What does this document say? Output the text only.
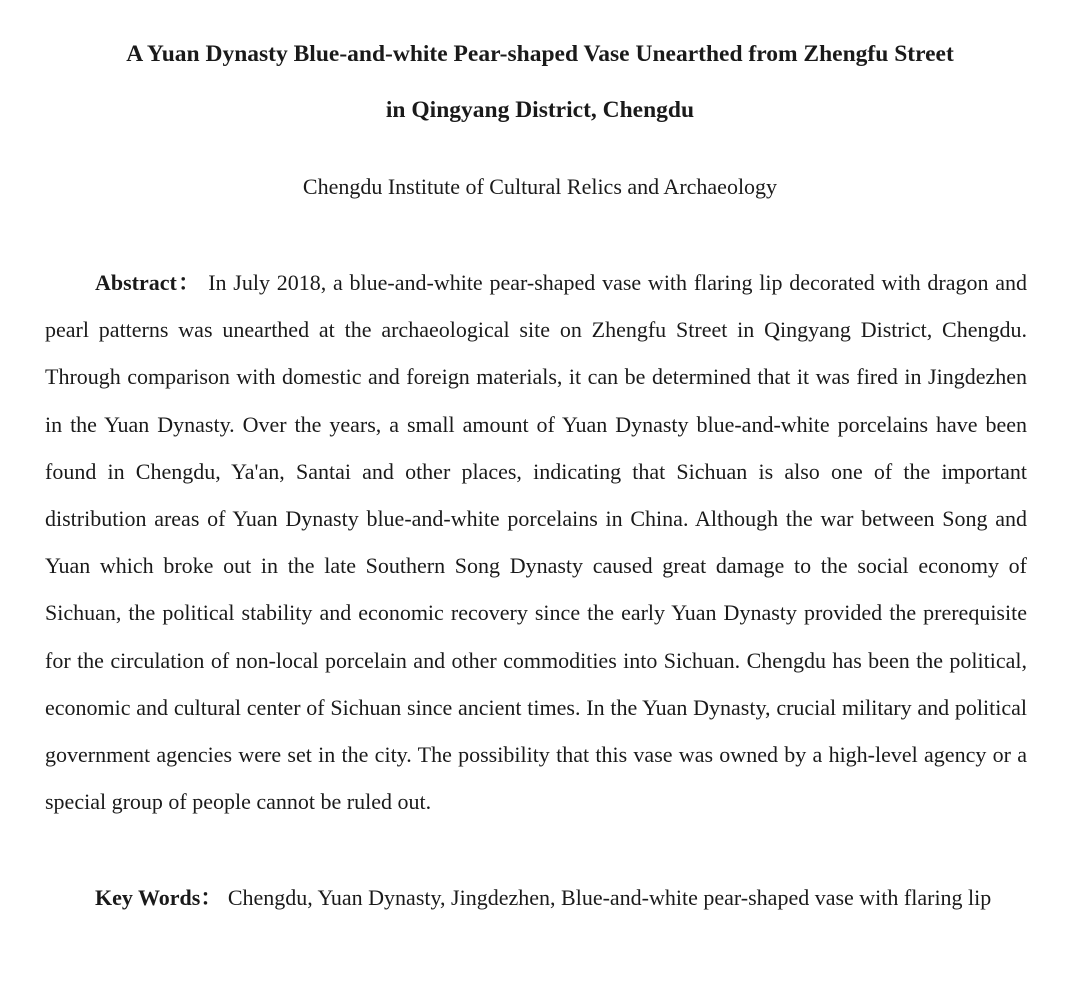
A Yuan Dynasty Blue-and-white Pear-shaped Vase Unearthed from Zhengfu Street
in Qingyang District, Chengdu

Chengdu Institute of Cultural Relics and Archaeology

Abstract： In July 2018, a blue-and-white pear-shaped vase with flaring lip decorated with dragon and pearl patterns was unearthed at the archaeological site on Zhengfu Street in Qingyang District, Chengdu. Through comparison with domestic and foreign materials, it can be determined that it was fired in Jingdezhen in the Yuan Dynasty. Over the years, a small amount of Yuan Dynasty blue-and-white porcelains have been found in Chengdu, Ya'an, Santai and other places, indicating that Sichuan is also one of the important distribution areas of Yuan Dynasty blue-and-white porcelains in China. Although the war between Song and Yuan which broke out in the late Southern Song Dynasty caused great damage to the social economy of Sichuan, the political stability and economic recovery since the early Yuan Dynasty provided the prerequisite for the circulation of non-local porcelain and other commodities into Sichuan. Chengdu has been the political, economic and cultural center of Sichuan since ancient times. In the Yuan Dynasty, crucial military and political government agencies were set in the city. The possibility that this vase was owned by a high-level agency or a special group of people cannot be ruled out.

Key Words： Chengdu, Yuan Dynasty, Jingdezhen, Blue-and-white pear-shaped vase with flaring lip
